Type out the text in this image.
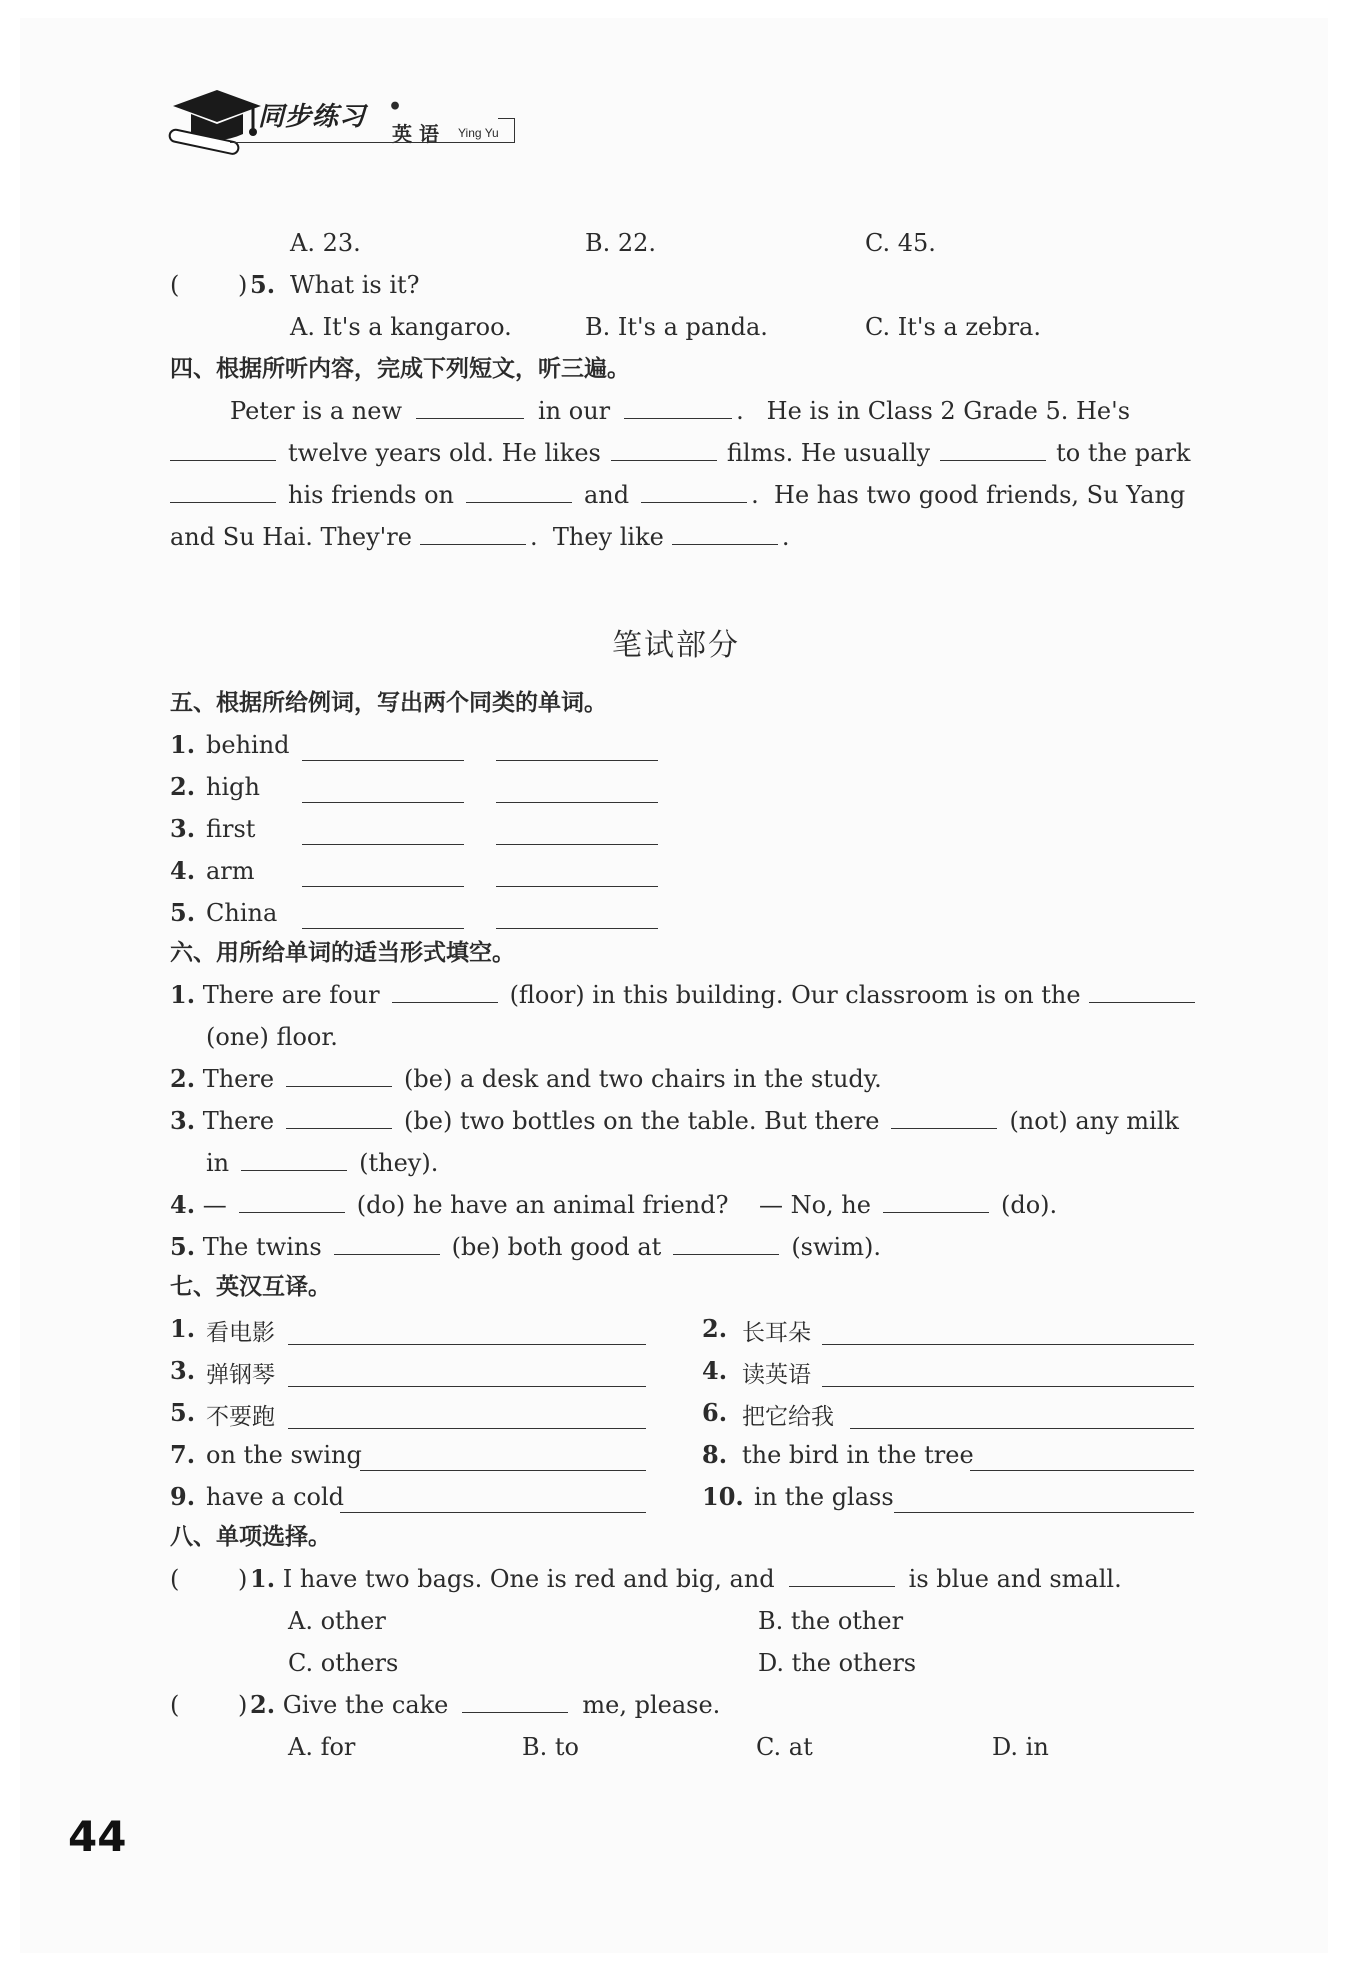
同步练习 •
英 语 Ying Yu
A. 23.	B. 22.	C. 45.
( ) 5. What is it?
A. It's a kangaroo.	B. It's a panda.	C. It's a zebra.
四、根据所听内容，完成下列短文，听三遍。
Peter is a new	in our	. He is in Class 2 Grade 5. He's
twelve years old. He likes	films. He usually	to the park
his friends on	and	. He has two good friends, Su Yang
and Su Hai. They're	. They like	.
笔试部分
五、根据所给例词，写出两个同类的单词。
1. behind
2. high
3. first
4. arm
5. China
六、用所给单词的适当形式填空。
1. There are four	(floor) in this building. Our classroom is on the
(one) floor.
2. There	(be) a desk and two chairs in the study.
3. There	(be) two bottles on the table. But there	(not) any milk
in	(they).
4. —	(do) he have an animal friend? — No, he	(do).
5. The twins	(be) both good at	(swim).
七、英汉互译。
1. 看电影	2. 长耳朵
3. 弹钢琴	4. 读英语
5. 不要跑	6. 把它给我
7. on the swing	8. the bird in the tree
9. have a cold	10. in the glass
八、单项选择。
( ) 1. I have two bags. One is red and big, and	is blue and small.
A. other	B. the other
C. others	D. the others
( ) 2. Give the cake	me, please.
A. for	B. to	C. at	D. in
44
